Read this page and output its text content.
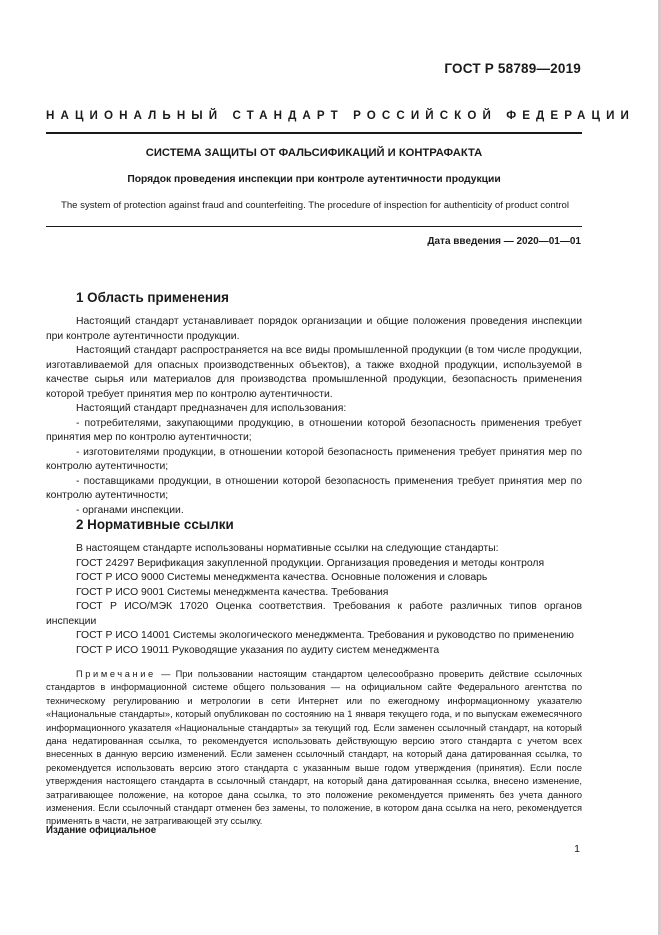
ГОСТ Р 58789—2019
НАЦИОНАЛЬНЫЙ СТАНДАРТ РОССИЙСКОЙ ФЕДЕРАЦИИ
СИСТЕМА ЗАЩИТЫ ОТ ФАЛЬСИФИКАЦИЙ И КОНТРАФАКТА
Порядок проведения инспекции при контроле аутентичности продукции
The system of protection against fraud and counterfeiting. The procedure of inspection for authenticity of product control
Дата введения — 2020—01—01
1 Область применения

Настоящий стандарт устанавливает порядок организации и общие положения проведения инспекции при контроле аутентичности продукции.

Настоящий стандарт распространяется на все виды промышленной продукции (в том числе продукции, изготавливаемой для опасных производственных объектов), а также входной продукции, используемой в качестве сырья или материалов для производства промышленной продукции, безопасность применения которой требует принятия мер по контролю аутентичности.

Настоящий стандарт предназначен для использования:

- потребителями, закупающими продукцию, в отношении которой безопасность применения требует принятия мер по контролю аутентичности;

- изготовителями продукции, в отношении которой безопасность применения требует принятия мер по контролю аутентичности;

- поставщиками продукции, в отношении которой безопасность применения требует принятия мер по контролю аутентичности;

- органами инспекции.

2 Нормативные ссылки

В настоящем стандарте использованы нормативные ссылки на следующие стандарты:

ГОСТ 24297 Верификация закупленной продукции. Организация проведения и методы контроля

ГОСТ Р ИСО 9000 Системы менеджмента качества. Основные положения и словарь

ГОСТ Р ИСО 9001 Системы менеджмента качества. Требования

ГОСТ Р ИСО/МЭК 17020 Оценка соответствия. Требования к работе различных типов органов инспекции

ГОСТ Р ИСО 14001 Системы экологического менеджмента. Требования и руководство по применению

ГОСТ Р ИСО 19011 Руководящие указания по аудиту систем менеджмента

Примечание — При пользовании настоящим стандартом целесообразно проверить действие ссылочных стандартов в информационной системе общего пользования — на официальном сайте Федерального агентства по техническому регулированию и метрологии в сети Интернет или по ежегодному информационному указателю «Национальные стандарты», который опубликован по состоянию на 1 января текущего года, и по выпускам ежемесячного информационного указателя «Национальные стандарты» за текущий год. Если заменен ссылочный стандарт, на который дана недатированная ссылка, то рекомендуется использовать действующую версию этого стандарта с учетом всех внесенных в данную версию изменений. Если заменен ссылочный стандарт, на который дана датированная ссылка, то рекомендуется использовать версию этого стандарта с указанным выше годом утверждения (принятия). Если после утверждения настоящего стандарта в ссылочный стандарт, на который дана датированная ссылка, внесено изменение, затрагивающее положение, на которое дана ссылка, то это положение рекомендуется применять без учета данного изменения. Если ссылочный стандарт отменен без замены, то положение, в котором дана ссылка на него, рекомендуется применять в части, не затрагивающей эту ссылку.

Издание официальное
1
